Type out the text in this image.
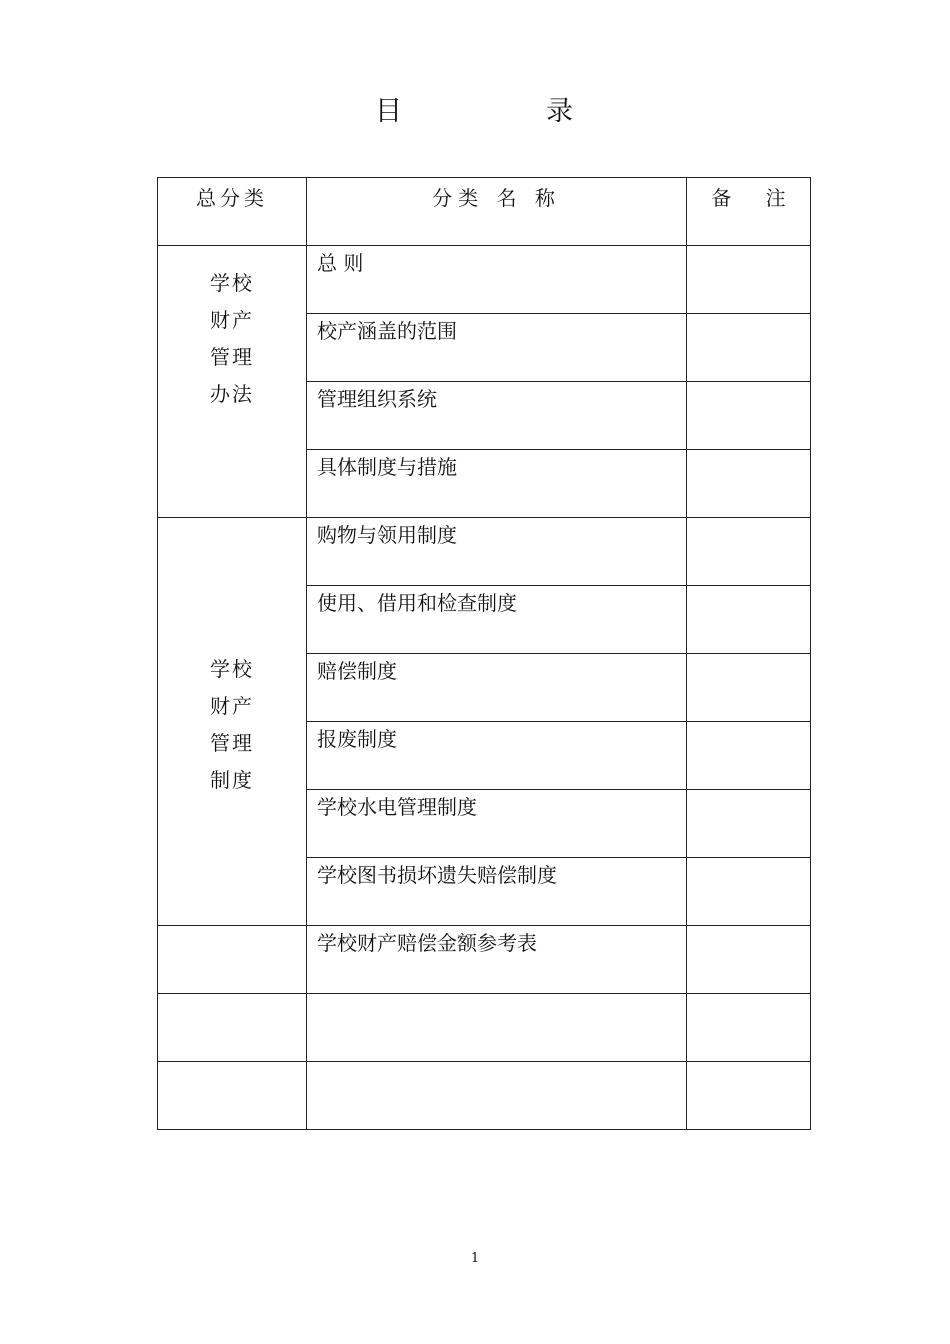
目	录
总分类	分类 名 称	备 注
学校财产管理办法	总 则	
	校产涵盖的范围	
	管理组织系统	
	具体制度与措施	
学校财产管理制度	购物与领用制度	
	使用、借用和检查制度	
	赔偿制度	
	报废制度	
	学校水电管理制度	
	学校图书损坏遗失赔偿制度	
	学校财产赔偿金额参考表	

1
